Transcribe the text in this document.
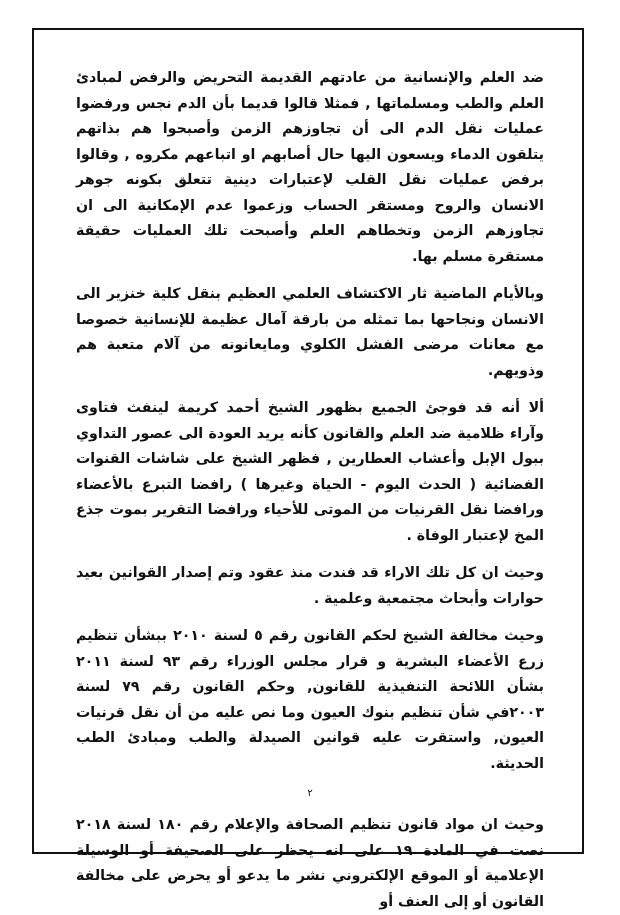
ضد العلم والإنسانية من عادتهم القديمة التحريض والرفض لمبادئ العلم والطب ومسلماتها , فمثلا قالوا قديما بأن الدم نجس ورفضوا عمليات نقل الدم الى أن تجاوزهم الزمن وأصبحوا هم بذاتهم يتلقون الدماء ويسعون اليها حال أصابهم او اتباعهم مكروه , وقالوا برفض عمليات نقل القلب لإعتبارات دينية تتعلق بكونه جوهر الانسان والروح ومستقر الحساب وزعموا عدم الإمكانية الى ان تجاوزهم الزمن وتخطاهم العلم وأصبحت تلك العمليات حقيقة مستقرة مسلم بها.

وبالأيام الماضية ثار الاكتشاف العلمي العظيم بنقل كلية خنزير الى الانسان ونجاحها بما تمثله من بارقة آمال عظيمة للإنسانية خصوصا مع معانات مرضى الفشل الكلوي ومايعانونه من آلام متعبة هم وذويهم.

ألا أنه قد فوجئ الجميع بظهور الشيخ أحمد كريمة لينفث فتاوى وآراء ظلامية ضد العلم والقانون كأنه يريد العودة الى عصور التداوي ببول الإبل وأعشاب العطارين , فظهر الشيخ على شاشات القنوات الفضائية ( الحدث اليوم - الحياة وغيرها ) رافضا التبرع بالأعضاء ورافضا نقل القرنيات من الموتى للأحياء ورافضا التقرير بموت جذع المخ لإعتبار الوفاة .

وحيث ان كل تلك الاراء قد فندت منذ عقود وتم إصدار القوانين بعيد حوارات وأبحاث مجتمعية وعلمية .

وحيث مخالفة الشيخ لحكم القانون رقم ٥ لسنة ٢٠١٠ ببشأن تنظيم زرع الأعضاء البشرية و قرار مجلس الوزراء رقم ٩٣ لسنة ٢٠١١ بشأن اللائحة التنفيذية للقانون, وحكم القانون رقم ٧٩ لسنة ٢٠٠٣في شأن تنظيم بنوك العيون وما نص عليه من أن نقل قرنيات العيون, واستقرت عليه قوانين الصيدلة والطب ومبادئ الطب الحديثة.

وحيث ان مواد قانون تنظيم الصحافة والإعلام رقم ١٨٠ لسنة ٢٠١٨ نصت في المادة ١٩ على انه يحظر على الصحيفة أو الوسيلة الإعلامية أو الموقع الإلكتروني نشر ما يدعو أو يحرض على مخالفة القانون أو إلى العنف أو

٢
